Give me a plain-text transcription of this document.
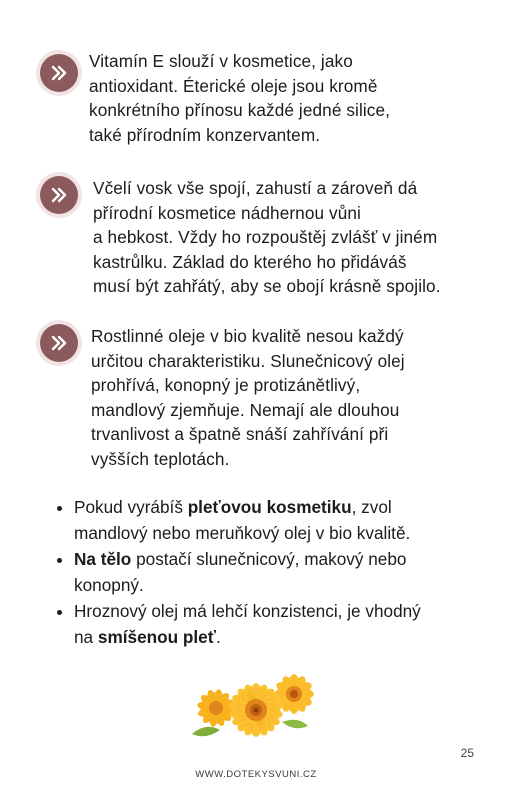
Vitamín E slouží v kosmetice, jako
antioxidant. Éterické oleje jsou kromě
konkrétního přínosu každé jedné silice,
také přírodním konzervantem.
Včelí vosk vše spojí, zahustí a zároveň dá
přírodní kosmetice nádhernou vůni
a hebkost. Vždy ho rozpouštěj zvlášť v jiném
kastrůlku. Základ do kterého ho přidáváš
musí být zahřátý, aby se obojí krásně spojilo.
Rostlinné oleje v bio kvalitě nesou každý
určitou charakteristiku. Slunečnicový olej
prohřívá, konopný je protizánětlivý,
mandlový zjemňuje. Nemají ale dlouhou
trvanlivost a špatně snáší zahřívání při
vyšších teplotách.
• Pokud vyrábíš pleťovou kosmetiku, zvol
mandlový nebo meruňkový olej v bio kvalitě.
• Na tělo postačí slunečnicový, makový nebo
konopný.
• Hroznový olej má lehčí konzistenci, je vhodný
na smíšenou pleť.
25
WWW.DOTEKYSVUNI.CZ
